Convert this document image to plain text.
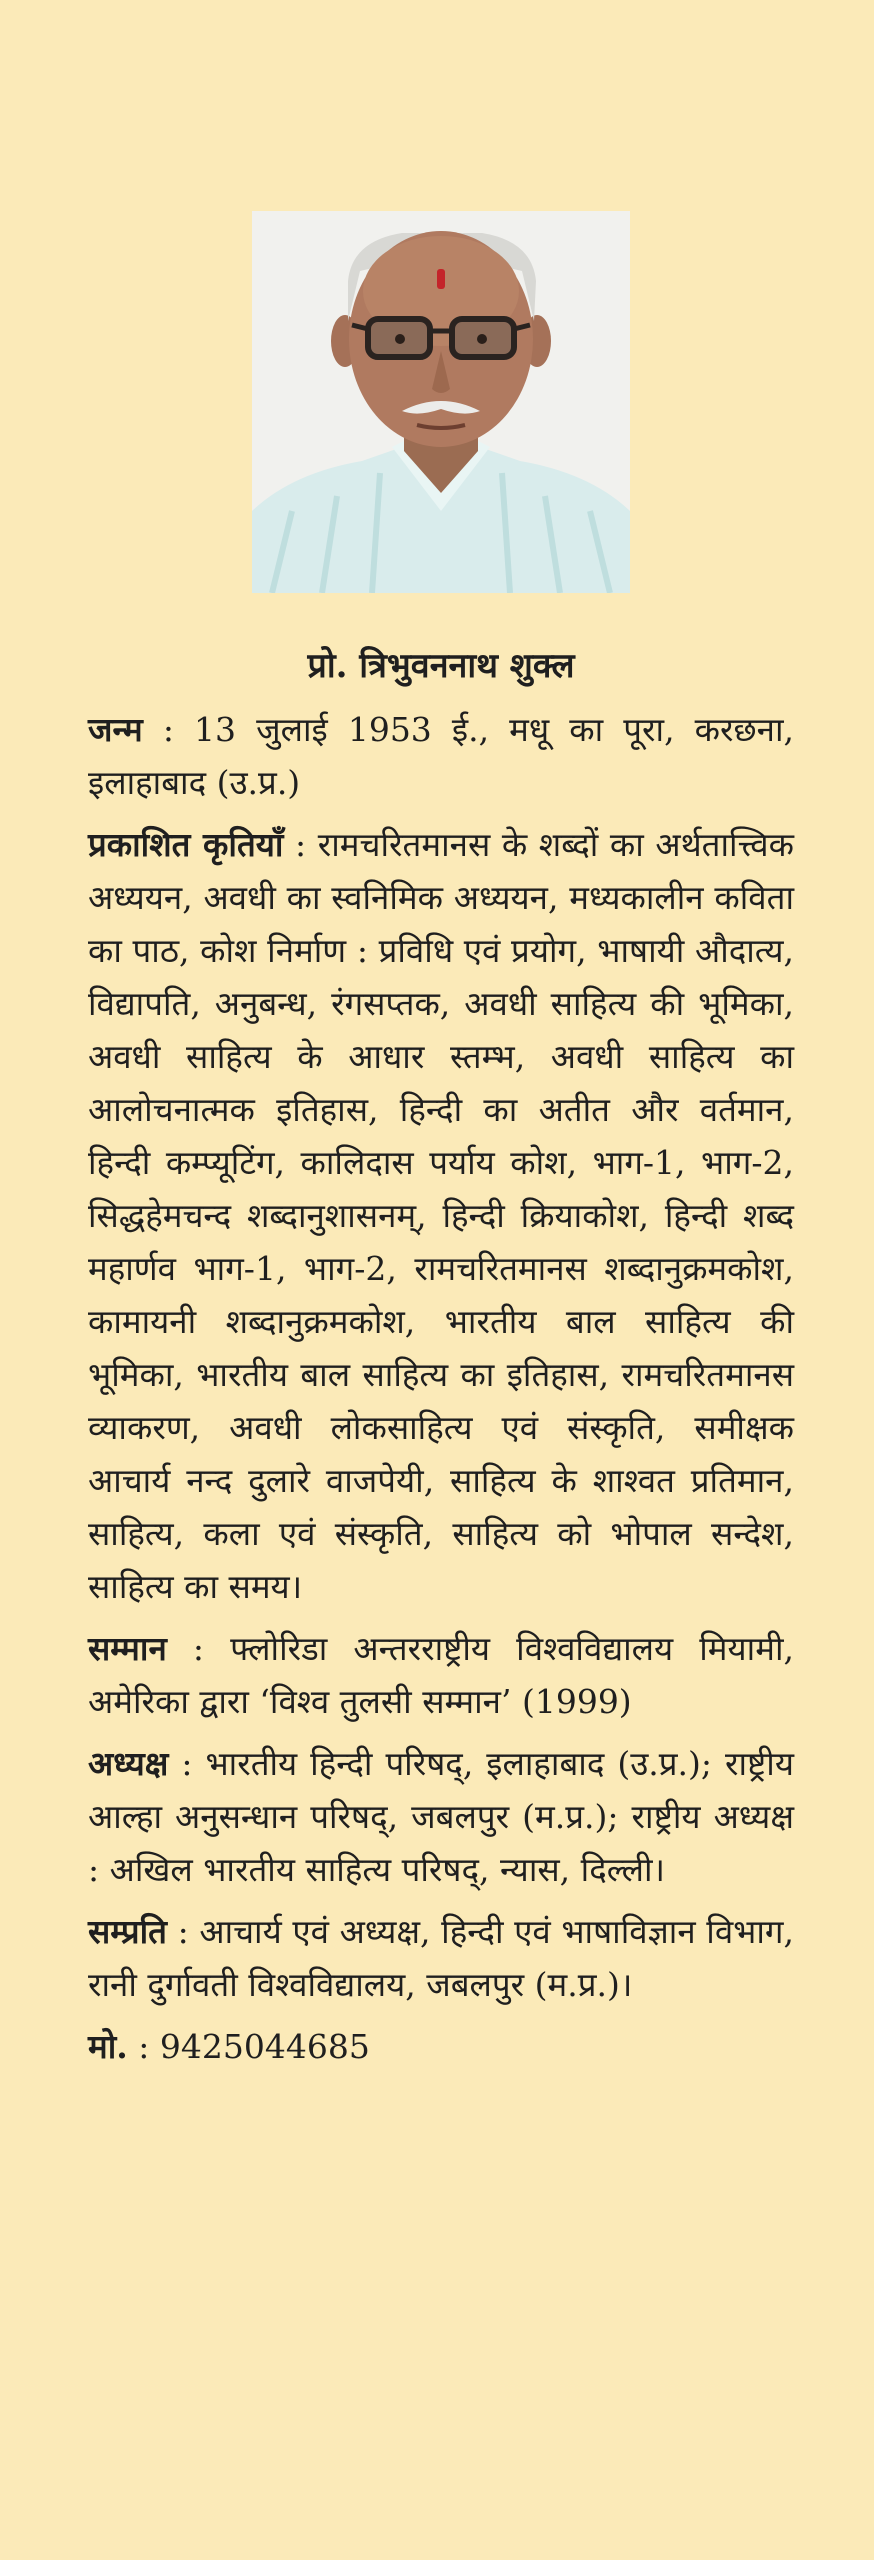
प्रो. त्रिभुवननाथ शुक्ल

जन्म : 13 जुलाई 1953 ई., मधू का पूरा, करछना, इलाहाबाद (उ.प्र.)

प्रकाशित कृतियाँ : रामचरितमानस के शब्दों का अर्थतात्त्विक अध्ययन, अवधी का स्वनिमिक अध्ययन, मध्यकालीन कविता का पाठ, कोश निर्माण : प्रविधि एवं प्रयोग, भाषायी औदात्य, विद्यापति, अनुबन्ध, रंगसप्तक, अवधी साहित्य की भूमिका, अवधी साहित्य के आधार स्तम्भ, अवधी साहित्य का आलोचनात्मक इतिहास, हिन्दी का अतीत और वर्तमान, हिन्दी कम्प्यूटिंग, कालिदास पर्याय कोश, भाग-1, भाग-2, सिद्धहेमचन्द शब्दानुशासनम्, हिन्दी क्रियाकोश, हिन्दी शब्द महार्णव भाग-1, भाग-2, रामचरितमानस शब्दानुक्रमकोश, कामायनी शब्दानुक्रमकोश, भारतीय बाल साहित्य की भूमिका, भारतीय बाल साहित्य का इतिहास, रामचरितमानस व्याकरण, अवधी लोकसाहित्य एवं संस्कृति, समीक्षक आचार्य नन्द दुलारे वाजपेयी, साहित्य के शाश्वत प्रतिमान, साहित्य, कला एवं संस्कृति, साहित्य को भोपाल सन्देश, साहित्य का समय।

सम्मान : फ्लोरिडा अन्तरराष्ट्रीय विश्वविद्यालय मियामी, अमेरिका द्वारा ‘विश्व तुलसी सम्मान’ (1999)

अध्यक्ष : भारतीय हिन्दी परिषद्, इलाहाबाद (उ.प्र.); राष्ट्रीय आल्हा अनुसन्धान परिषद्, जबलपुर (म.प्र.); राष्ट्रीय अध्यक्ष : अखिल भारतीय साहित्य परिषद्, न्यास, दिल्ली।

सम्प्रति : आचार्य एवं अध्यक्ष, हिन्दी एवं भाषाविज्ञान विभाग, रानी दुर्गावती विश्वविद्यालय, जबलपुर (म.प्र.)।

मो. : 9425044685
